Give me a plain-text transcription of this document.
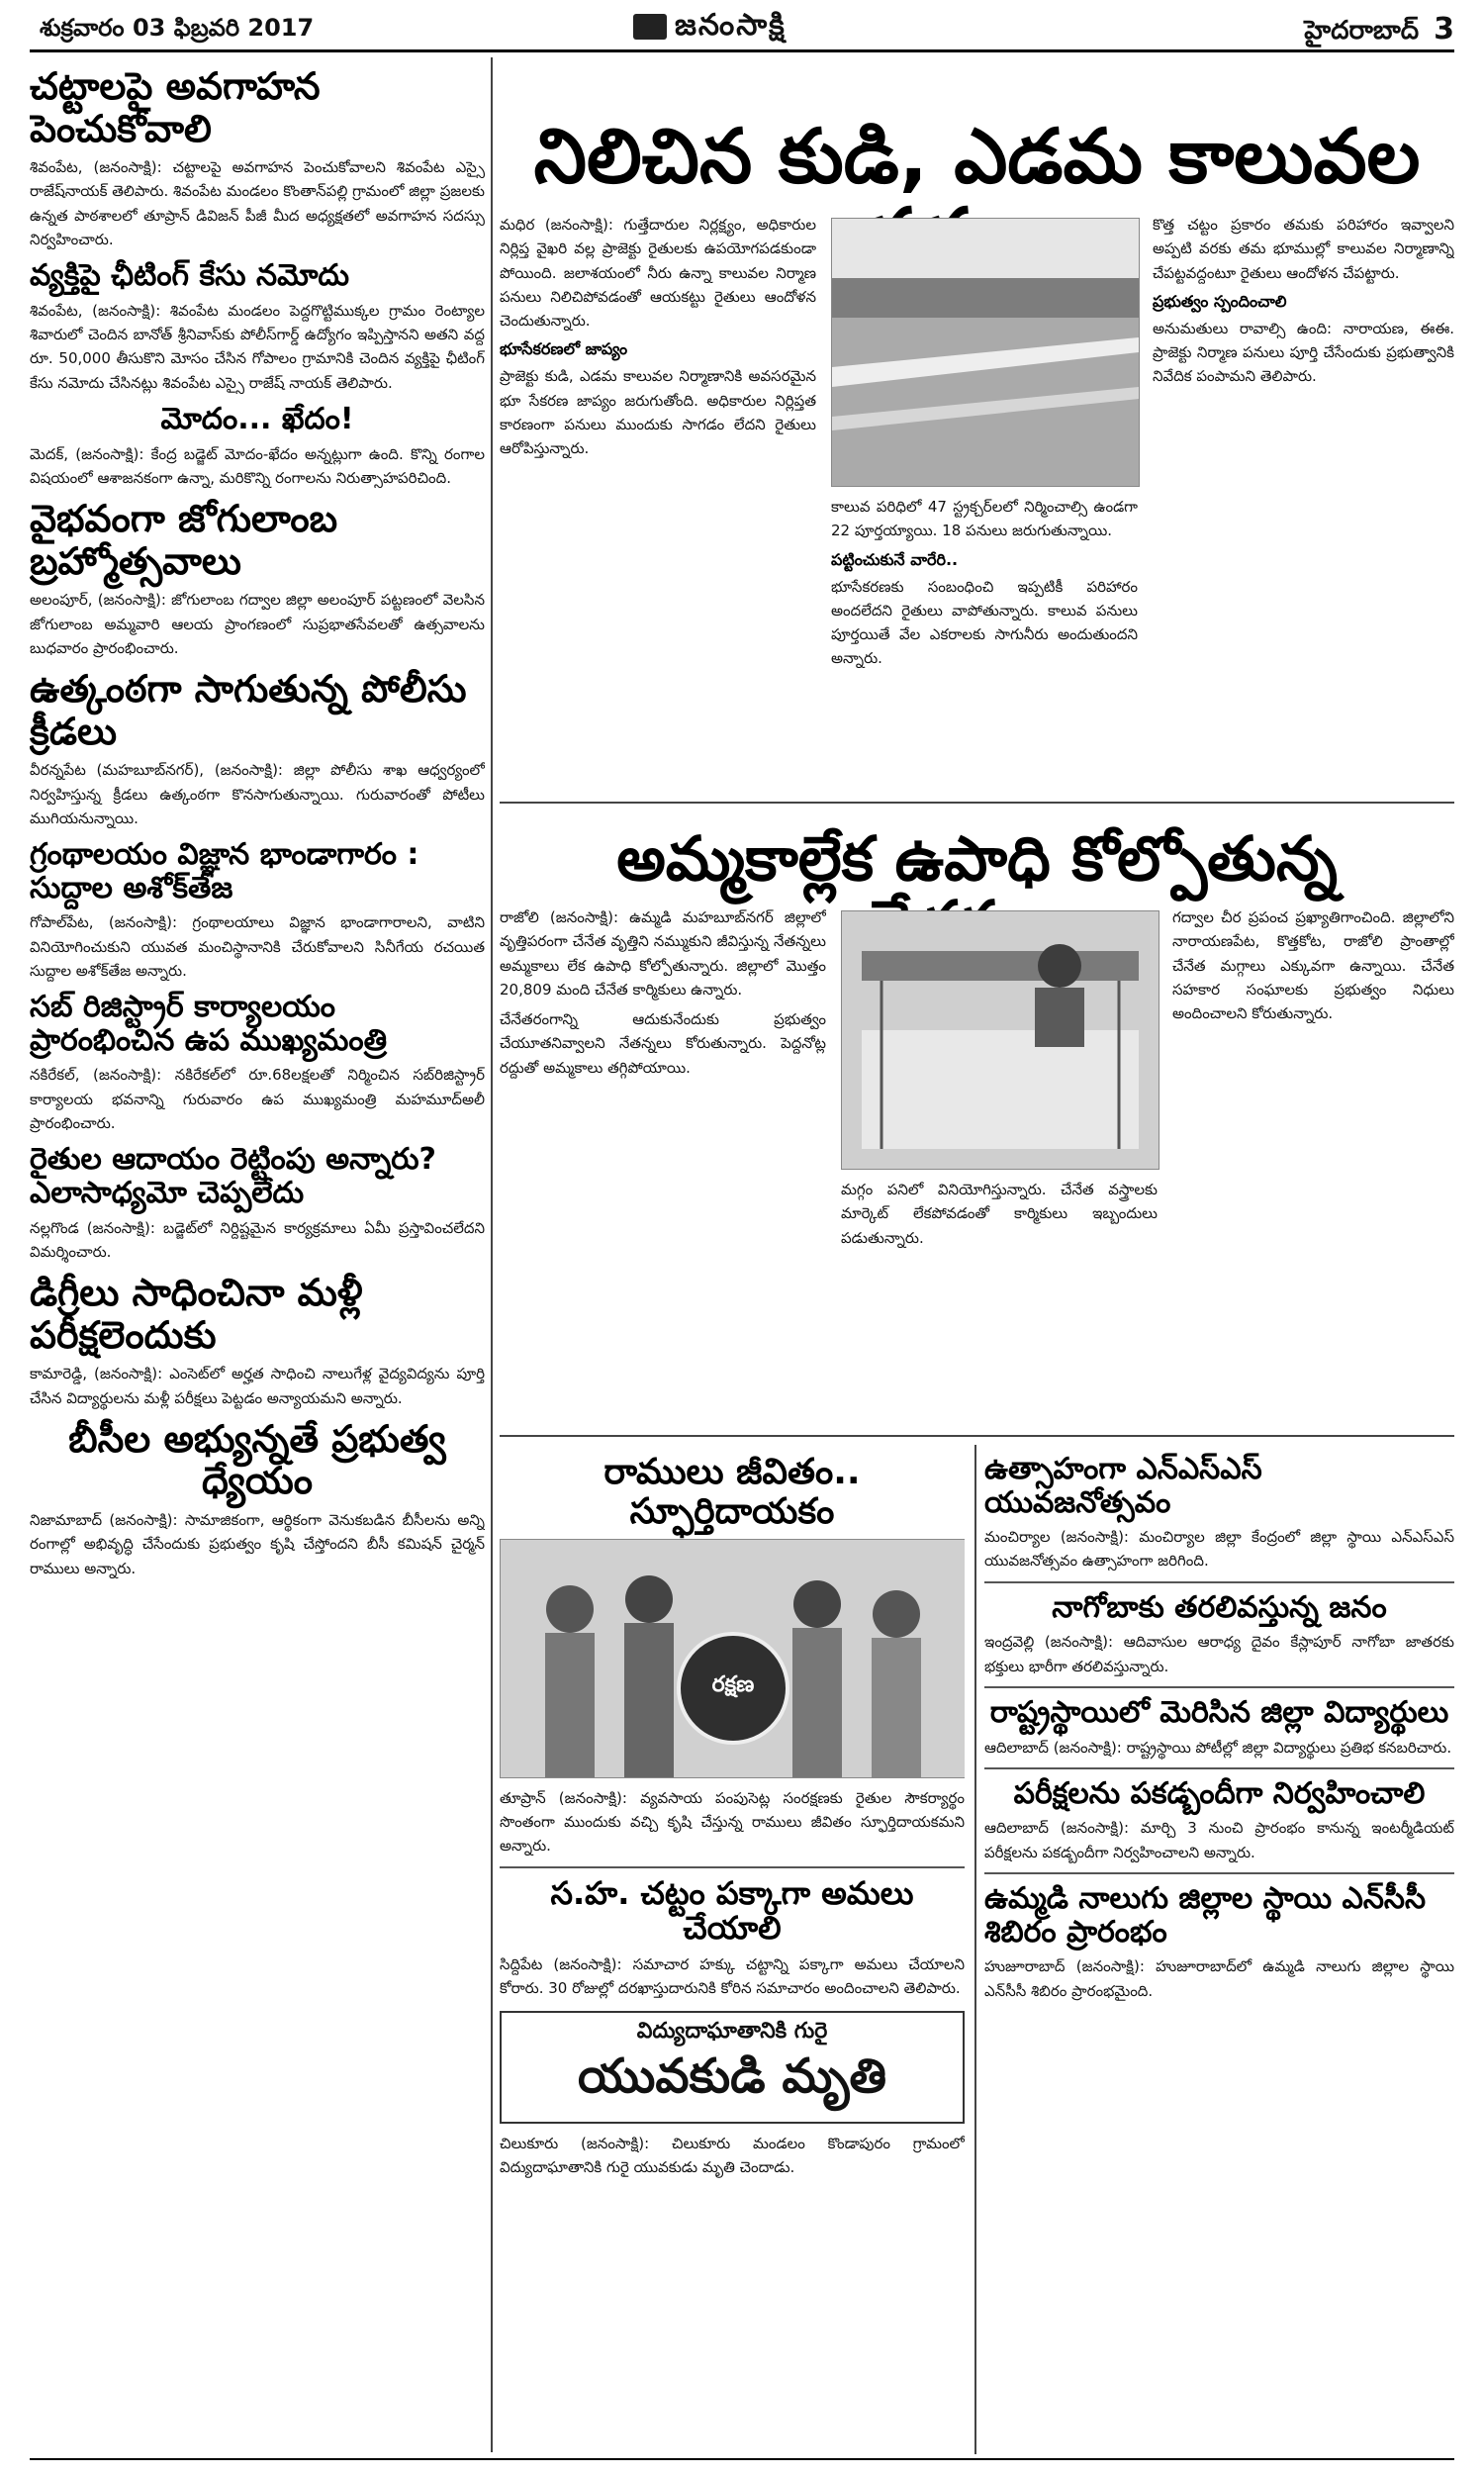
శుక్రవారం 03 ఫిబ్రవరి 2017	జనంసాక్షి	హైదరాబాద్ 3
చట్టాలపై అవగాహన పెంచుకోవాలి

శివంపేట, (జనంసాక్షి): చట్టాలపై అవగాహన పెంచుకోవాలని శివంపేట ఎస్సై రాజేష్‌నాయక్‌ తెలిపారు. శివంపేట మండలం కొంతాన్‌పల్లి గ్రామంలో జిల్లా ప్రజలకు ఉన్నత పాఠశాలలో తూప్రాన్‌ డివిజన్‌ పీజీ మీద అధ్యక్షతలో అవగాహన సదస్సు నిర్వహించారు.

వ్యక్తిపై ఛీటింగ్‌ కేసు నమోదు

శివంపేట, (జనంసాక్షి): శివంపేట మండలం పెద్దగొట్టిముక్కల గ్రామం రెంట్యాల శివారులో చెందిన బానోత్‌ శ్రీనివాస్‌కు పోలీస్‌గార్డ్‌ ఉద్యోగం ఇప్పిస్తానని అతని వద్ద రూ. 50,000 తీసుకొని మోసం చేసిన గోపాలం గ్రామానికి చెందిన వ్యక్తిపై ఛీటింగ్‌ కేసు నమోదు చేసినట్లు శివంపేట ఎస్సై రాజేష్‌ నాయక్‌ తెలిపారు.

మోదం... ఖేదం!

మెదక్‌, (జనంసాక్షి): కేంద్ర బడ్జెట్‌ మోదం-ఖేదం అన్నట్లుగా ఉంది. కొన్ని రంగాల విషయంలో ఆశాజనకంగా ఉన్నా, మరికొన్ని రంగాలను నిరుత్సాహపరిచింది.

వైభవంగా జోగులాంబ బ్రహ్మోత్సవాలు

అలంపూర్‌, (జనంసాక్షి): జోగులాంబ గద్వాల జిల్లా అలంపూర్‌ పట్టణంలో వెలసిన జోగులాంబ అమ్మవారి ఆలయ ప్రాంగణంలో సుప్రభాతసేవలతో ఉత్సవాలను బుధవారం ప్రారంభించారు.

ఉత్కంఠగా సాగుతున్న పోలీసు క్రీడలు

వీరన్నపేట (మహబూబ్‌నగర్‌), (జనంసాక్షి): జిల్లా పోలీసు శాఖ ఆధ్వర్యంలో నిర్వహిస్తున్న క్రీడలు ఉత్కంఠగా కొనసాగుతున్నాయి. గురువారంతో పోటీలు ముగియనున్నాయి.

గ్రంథాలయం విజ్ఞాన భాండాగారం : సుద్దాల అశోక్‌తేజ

గోపాల్‌పేట, (జనంసాక్షి): గ్రంథాలయాలు విజ్ఞాన భాండాగారాలని, వాటిని వినియోగించుకుని యువత మంచిస్థానానికి చేరుకోవాలని సినీగేయ రచయిత సుద్దాల అశోక్‌తేజ అన్నారు.

సబ్‌ రిజిస్ట్రార్‌ కార్యాలయం ప్రారంభించిన ఉప ముఖ్యమంత్రి

నకిరేకల్‌, (జనంసాక్షి): నకిరేకల్‌లో రూ.68లక్షలతో నిర్మించిన సబ్‌రిజిస్ట్రార్‌ కార్యాలయ భవనాన్ని గురువారం ఉప ముఖ్యమంత్రి మహమూద్‌అలీ ప్రారంభించారు.

రైతుల ఆదాయం రెట్టింపు అన్నారు? ఎలాసాధ్యమో చెప్పలేదు

నల్లగొండ (జనంసాక్షి): బడ్జెట్‌లో నిర్దిష్టమైన కార్యక్రమాలు ఏమీ ప్రస్తావించలేదని విమర్శించారు.

డిగ్రీలు సాధించినా మళ్లీ పరీక్షలెందుకు

కామారెడ్డి, (జనంసాక్షి): ఎంసెట్‌లో అర్హత సాధించి నాలుగేళ్ల వైద్యవిద్యను పూర్తి చేసిన విద్యార్థులను మళ్లీ పరీక్షలు పెట్టడం అన్యాయమని అన్నారు.

బీసీల అభ్యున్నతే ప్రభుత్వ ధ్యేయం

నిజామాబాద్‌ (జనంసాక్షి): సామాజికంగా, ఆర్థికంగా వెనుకబడిన బీసీలను అన్ని రంగాల్లో అభివృద్ధి చేసేందుకు ప్రభుత్వం కృషి చేస్తోందని బీసీ కమిషన్‌ చైర్మన్‌ రాములు అన్నారు.

నిలిచిన కుడి, ఎడమ కాలువల

మధిర (జనంసాక్షి): గుత్తేదారుల నిర్లక్ష్యం, అధికారుల నిర్లిప్త వైఖరి వల్ల ప్రాజెక్టు రైతులకు ఉపయోగపడకుండా పోయింది. జలాశయంలో నీరు ఉన్నా కాలువల నిర్మాణ పనులు నిలిచిపోవడంతో ఆయకట్టు రైతులు ఆందోళన చెందుతున్నారు.

భూసేకరణలో జాప్యం

ప్రాజెక్టు కుడి, ఎడమ కాలువల నిర్మాణానికి అవసరమైన భూ సేకరణ జాప్యం జరుగుతోంది. అధికారుల నిర్లిప్తత కారణంగా పనులు ముందుకు సాగడం లేదని రైతులు ఆరోపిస్తున్నారు.

కాలువ పరిధిలో 47 స్ట్రక్చర్‌లలో నిర్మించాల్సి ఉండగా 22 పూర్తయ్యాయి. 18 పనులు జరుగుతున్నాయి.

పట్టించుకునే వారేరి..

భూసేకరణకు సంబంధించి ఇప్పటికీ పరిహారం అందలేదని రైతులు వాపోతున్నారు. కాలువ పనులు పూర్తయితే వేల ఎకరాలకు సాగునీరు అందుతుందని అన్నారు.

కొత్త చట్టం ప్రకారం తమకు పరిహారం ఇవ్వాలని అప్పటి వరకు తమ భూముల్లో కాలువల నిర్మాణాన్ని చేపట్టవద్దంటూ రైతులు ఆందోళన చేపట్టారు.

ప్రభుత్వం స్పందించాలి

అనుమతులు రావాల్సి ఉంది: నారాయణ, ఈఈ. ప్రాజెక్టు నిర్మాణ పనులు పూర్తి చేసేందుకు ప్రభుత్వానికి నివేదిక పంపామని తెలిపారు.

అమ్మకాల్లేక ఉపాధి కోల్పోతున్న

రాజోలి (జనంసాక్షి): ఉమ్మడి మహబూబ్‌నగర్‌ జిల్లాలో వృత్తిపరంగా చేనేత వృత్తిని నమ్ముకుని జీవిస్తున్న నేతన్నలు అమ్మకాలు లేక ఉపాధి కోల్పోతున్నారు. జిల్లాలో మొత్తం 20,809 మంది చేనేత కార్మికులు ఉన్నారు.

చేనేతరంగాన్ని ఆదుకునేందుకు ప్రభుత్వం చేయూతనివ్వాలని నేతన్నలు కోరుతున్నారు. పెద్దనోట్ల రద్దుతో అమ్మకాలు తగ్గిపోయాయి.

మగ్గం పనిలో వినియోగిస్తున్నారు. చేనేత వస్త్రాలకు మార్కెట్‌ లేకపోవడంతో కార్మికులు ఇబ్బందులు పడుతున్నారు.

గద్వాల చీర ప్రపంచ ప్రఖ్యాతిగాంచింది. జిల్లాలోని నారాయణపేట, కొత్తకోట, రాజోలి ప్రాంతాల్లో చేనేత మగ్గాలు ఎక్కువగా ఉన్నాయి. చేనేత సహకార సంఘాలకు ప్రభుత్వం నిధులు అందించాలని కోరుతున్నారు.

రాములు జీవితం.. స్ఫూర్తిదాయకం
రక్షణ

తూప్రాన్‌ (జనంసాక్షి): వ్యవసాయ పంపుసెట్ల సంరక్షణకు రైతుల సౌకర్యార్థం సొంతంగా ముందుకు వచ్చి కృషి చేస్తున్న రాములు జీవితం స్ఫూర్తిదాయకమని అన్నారు.

స.హ. చట్టం పక్కాగా అమలు చేయాలి

సిద్దిపేట (జనంసాక్షి): సమాచార హక్కు చట్టాన్ని పక్కాగా అమలు చేయాలని కోరారు. 30 రోజుల్లో దరఖాస్తుదారునికి కోరిన సమాచారం అందించాలని తెలిపారు.

విద్యుదాఘాతానికి గురై
యువకుడి మృతి

చిలుకూరు (జనంసాక్షి): చిలుకూరు మండలం కొండాపురం గ్రామంలో విద్యుదాఘాతానికి గురై యువకుడు మృతి చెందాడు.

ఉత్సాహంగా ఎన్‌ఎస్‌ఎస్‌ యువజనోత్సవం

మంచిర్యాల (జనంసాక్షి): మంచిర్యాల జిల్లా కేంద్రంలో జిల్లా స్థాయి ఎన్‌ఎస్‌ఎస్‌ యువజనోత్సవం ఉత్సాహంగా జరిగింది.

నాగోబాకు తరలివస్తున్న జనం

ఇంద్రవెల్లి (జనంసాక్షి): ఆదివాసుల ఆరాధ్య దైవం కేస్లాపూర్‌ నాగోబా జాతరకు భక్తులు భారీగా తరలివస్తున్నారు.

రాష్ట్రస్థాయిలో మెరిసిన జిల్లా విద్యార్థులు

ఆదిలాబాద్‌ (జనంసాక్షి): రాష్ట్రస్థాయి పోటీల్లో జిల్లా విద్యార్థులు ప్రతిభ కనబరిచారు.

పరీక్షలను పకడ్బందీగా నిర్వహించాలి

ఆదిలాబాద్‌ (జనంసాక్షి): మార్చి 3 నుంచి ప్రారంభం కానున్న ఇంటర్మీడియట్‌ పరీక్షలను పకడ్బందీగా నిర్వహించాలని అన్నారు.

ఉమ్మడి నాలుగు జిల్లాల స్థాయి ఎన్‌సీసీ శిబిరం ప్రారంభం

హుజూరాబాద్‌ (జనంసాక్షి): హుజూరాబాద్‌లో ఉమ్మడి నాలుగు జిల్లాల స్థాయి ఎన్‌సీసీ శిబిరం ప్రారంభమైంది.
